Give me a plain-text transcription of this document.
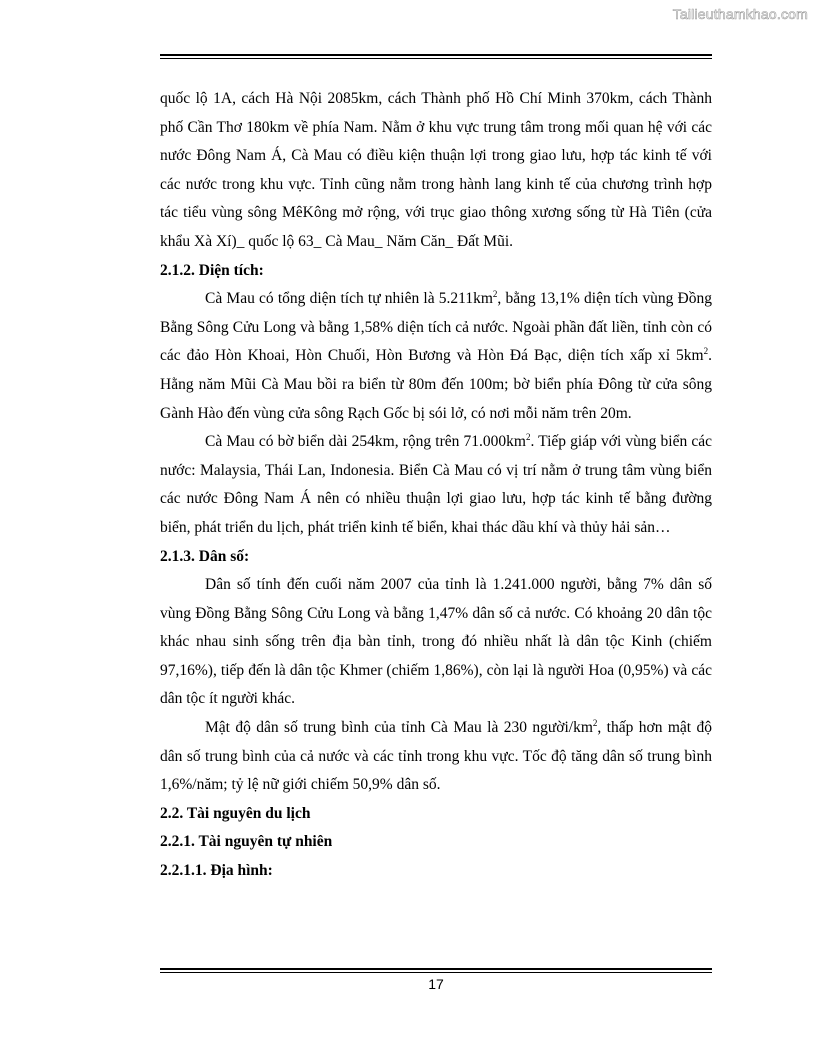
Tailieuthamkhao.com

quốc lộ 1A, cách Hà Nội 2085km, cách Thành phố Hồ Chí Minh 370km, cách Thành phố Cần Thơ 180km về phía Nam. Nằm ở khu vực trung tâm trong mối quan hệ với các nước Đông Nam Á, Cà Mau có điều kiện thuận lợi trong giao lưu, hợp tác kinh tế với các nước trong khu vực. Tỉnh cũng nằm trong hành lang kinh tế của chương trình hợp tác tiểu vùng sông MêKông mở rộng, với trục giao thông xương sống từ Hà Tiên (cửa khẩu Xà Xí)_ quốc lộ 63_ Cà Mau_ Năm Căn_ Đất Mũi.

2.1.2. Diện tích:

Cà Mau có tổng diện tích tự nhiên là $5.211km^2$, bằng 13,1% diện tích vùng Đồng Bằng Sông Cửu Long và bằng 1,58% diện tích cả nước. Ngoài phần đất liền, tỉnh còn có các đảo Hòn Khoai, Hòn Chuối, Hòn Bương và Hòn Đá Bạc, diện tích xấp xỉ $5km^2$. Hằng năm Mũi Cà Mau bồi ra biển từ 80m đến 100m; bờ biển phía Đông từ cửa sông Gành Hào đến vùng cửa sông Rạch Gốc bị sói lở, có nơi mỗi năm trên 20m.

Cà Mau có bờ biển dài 254km, rộng trên $71.000km^2$. Tiếp giáp với vùng biển các nước: Malaysia, Thái Lan, Indonesia. Biển Cà Mau có vị trí nằm ở trung tâm vùng biển các nước Đông Nam Á nên có nhiều thuận lợi giao lưu, hợp tác kinh tế bằng đường biển, phát triển du lịch, phát triển kinh tế biển, khai thác dầu khí và thủy hải sản…

2.1.3. Dân số:

Dân số tính đến cuối năm 2007 của tỉnh là 1.241.000 người, bằng 7% dân số vùng Đồng Bằng Sông Cửu Long và bằng 1,47% dân số cả nước. Có khoảng 20 dân tộc khác nhau sinh sống trên địa bàn tỉnh, trong đó nhiều nhất là dân tộc Kinh (chiếm 97,16%), tiếp đến là dân tộc Khmer (chiếm 1,86%), còn lại là người Hoa (0,95%) và các dân tộc ít người khác.

Mật độ dân số trung bình của tỉnh Cà Mau là 230 người/$km^2$, thấp hơn mật độ dân số trung bình của cả nước và các tỉnh trong khu vực. Tốc độ tăng dân số trung bình 1,6%/năm; tỷ lệ nữ giới chiếm 50,9% dân số.

2.2. Tài nguyên du lịch
2.2.1. Tài nguyên tự nhiên
2.2.1.1. Địa hình:
17
